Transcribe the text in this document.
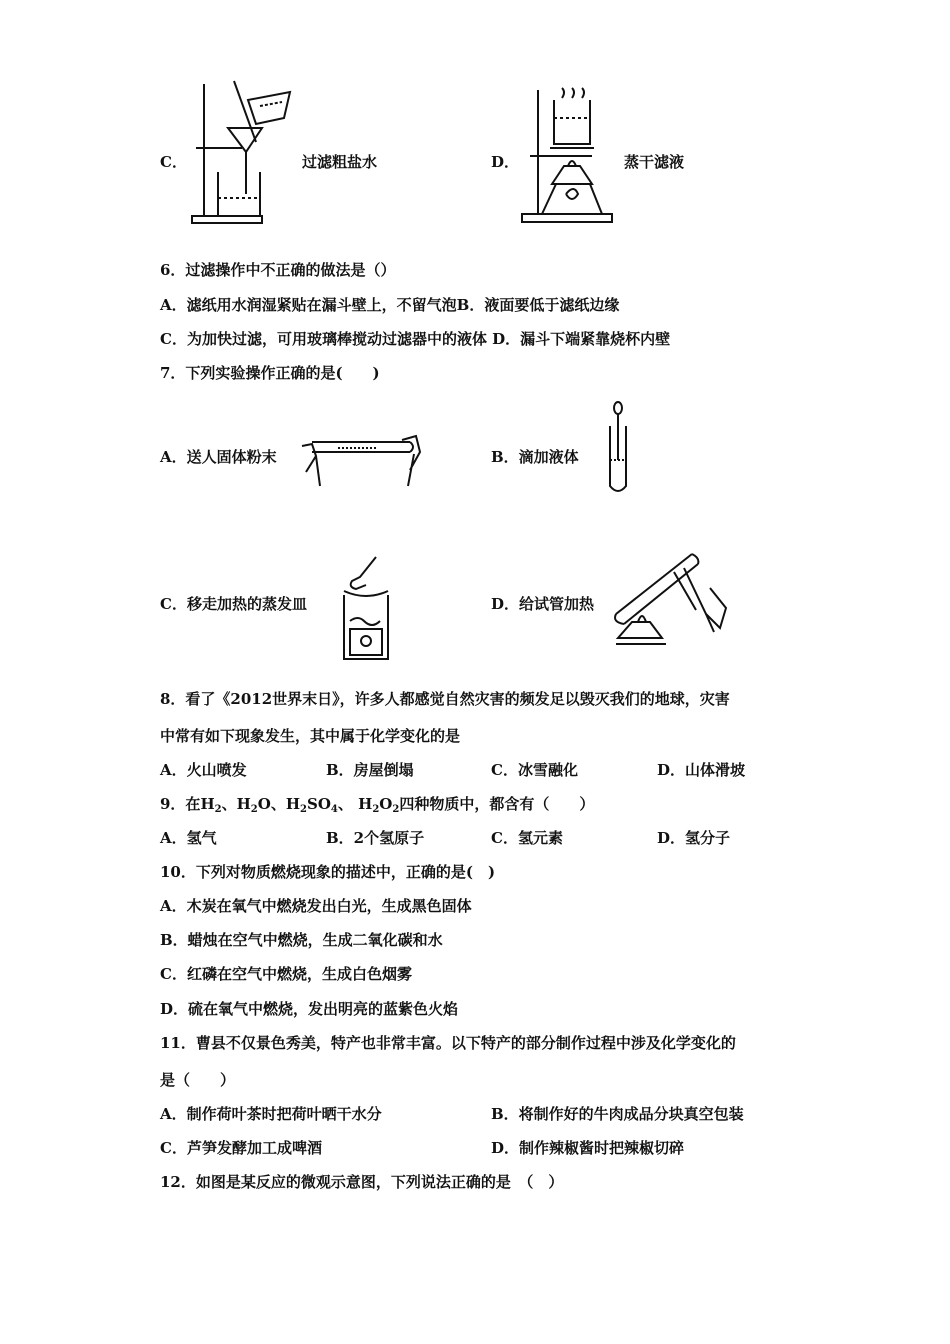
C．	过滤粗盐水	D．	蒸干滤液
6．过滤操作中不正确的做法是（）
A．滤纸用水润湿紧贴在漏斗壁上，不留气泡B．液面要低于滤纸边缘
C．为加快过滤，可用玻璃棒搅动过滤器中的液体 D．漏斗下端紧靠烧杯内壁
7．下列实验操作正确的是(　　)
A．送人固体粉末	B．滴加液体
C．移走加热的蒸发皿	D．给试管加热
8．看了《2012世界末日》，许多人都感觉自然灾害的频发足以毁灭我们的地球，灾害
中常有如下现象发生，其中属于化学变化的是
A．火山喷发	B．房屋倒塌	C．冰雪融化	D．山体滑坡
9．在$H_2$、$H_2O$、$H_2SO_4$、 $H_2O_2$四种物质中，都含有（　　）
A．氢气	B．2个氢原子	C．氢元素	D．氢分子
10．下列对物质燃烧现象的描述中，正确的是(　)
A．木炭在氧气中燃烧发出白光，生成黑色固体
B．蜡烛在空气中燃烧，生成二氧化碳和水
C．红磷在空气中燃烧，生成白色烟雾
D．硫在氧气中燃烧，发出明亮的蓝紫色火焰
11．曹县不仅景色秀美，特产也非常丰富。以下特产的部分制作过程中涉及化学变化的
是（　　）
A．制作荷叶茶时把荷叶晒干水分	B．将制作好的牛肉成品分块真空包装
C．芦笋发酵加工成啤酒	D．制作辣椒酱时把辣椒切碎
12．如图是某反应的微观示意图，下列说法正确的是　（　）
